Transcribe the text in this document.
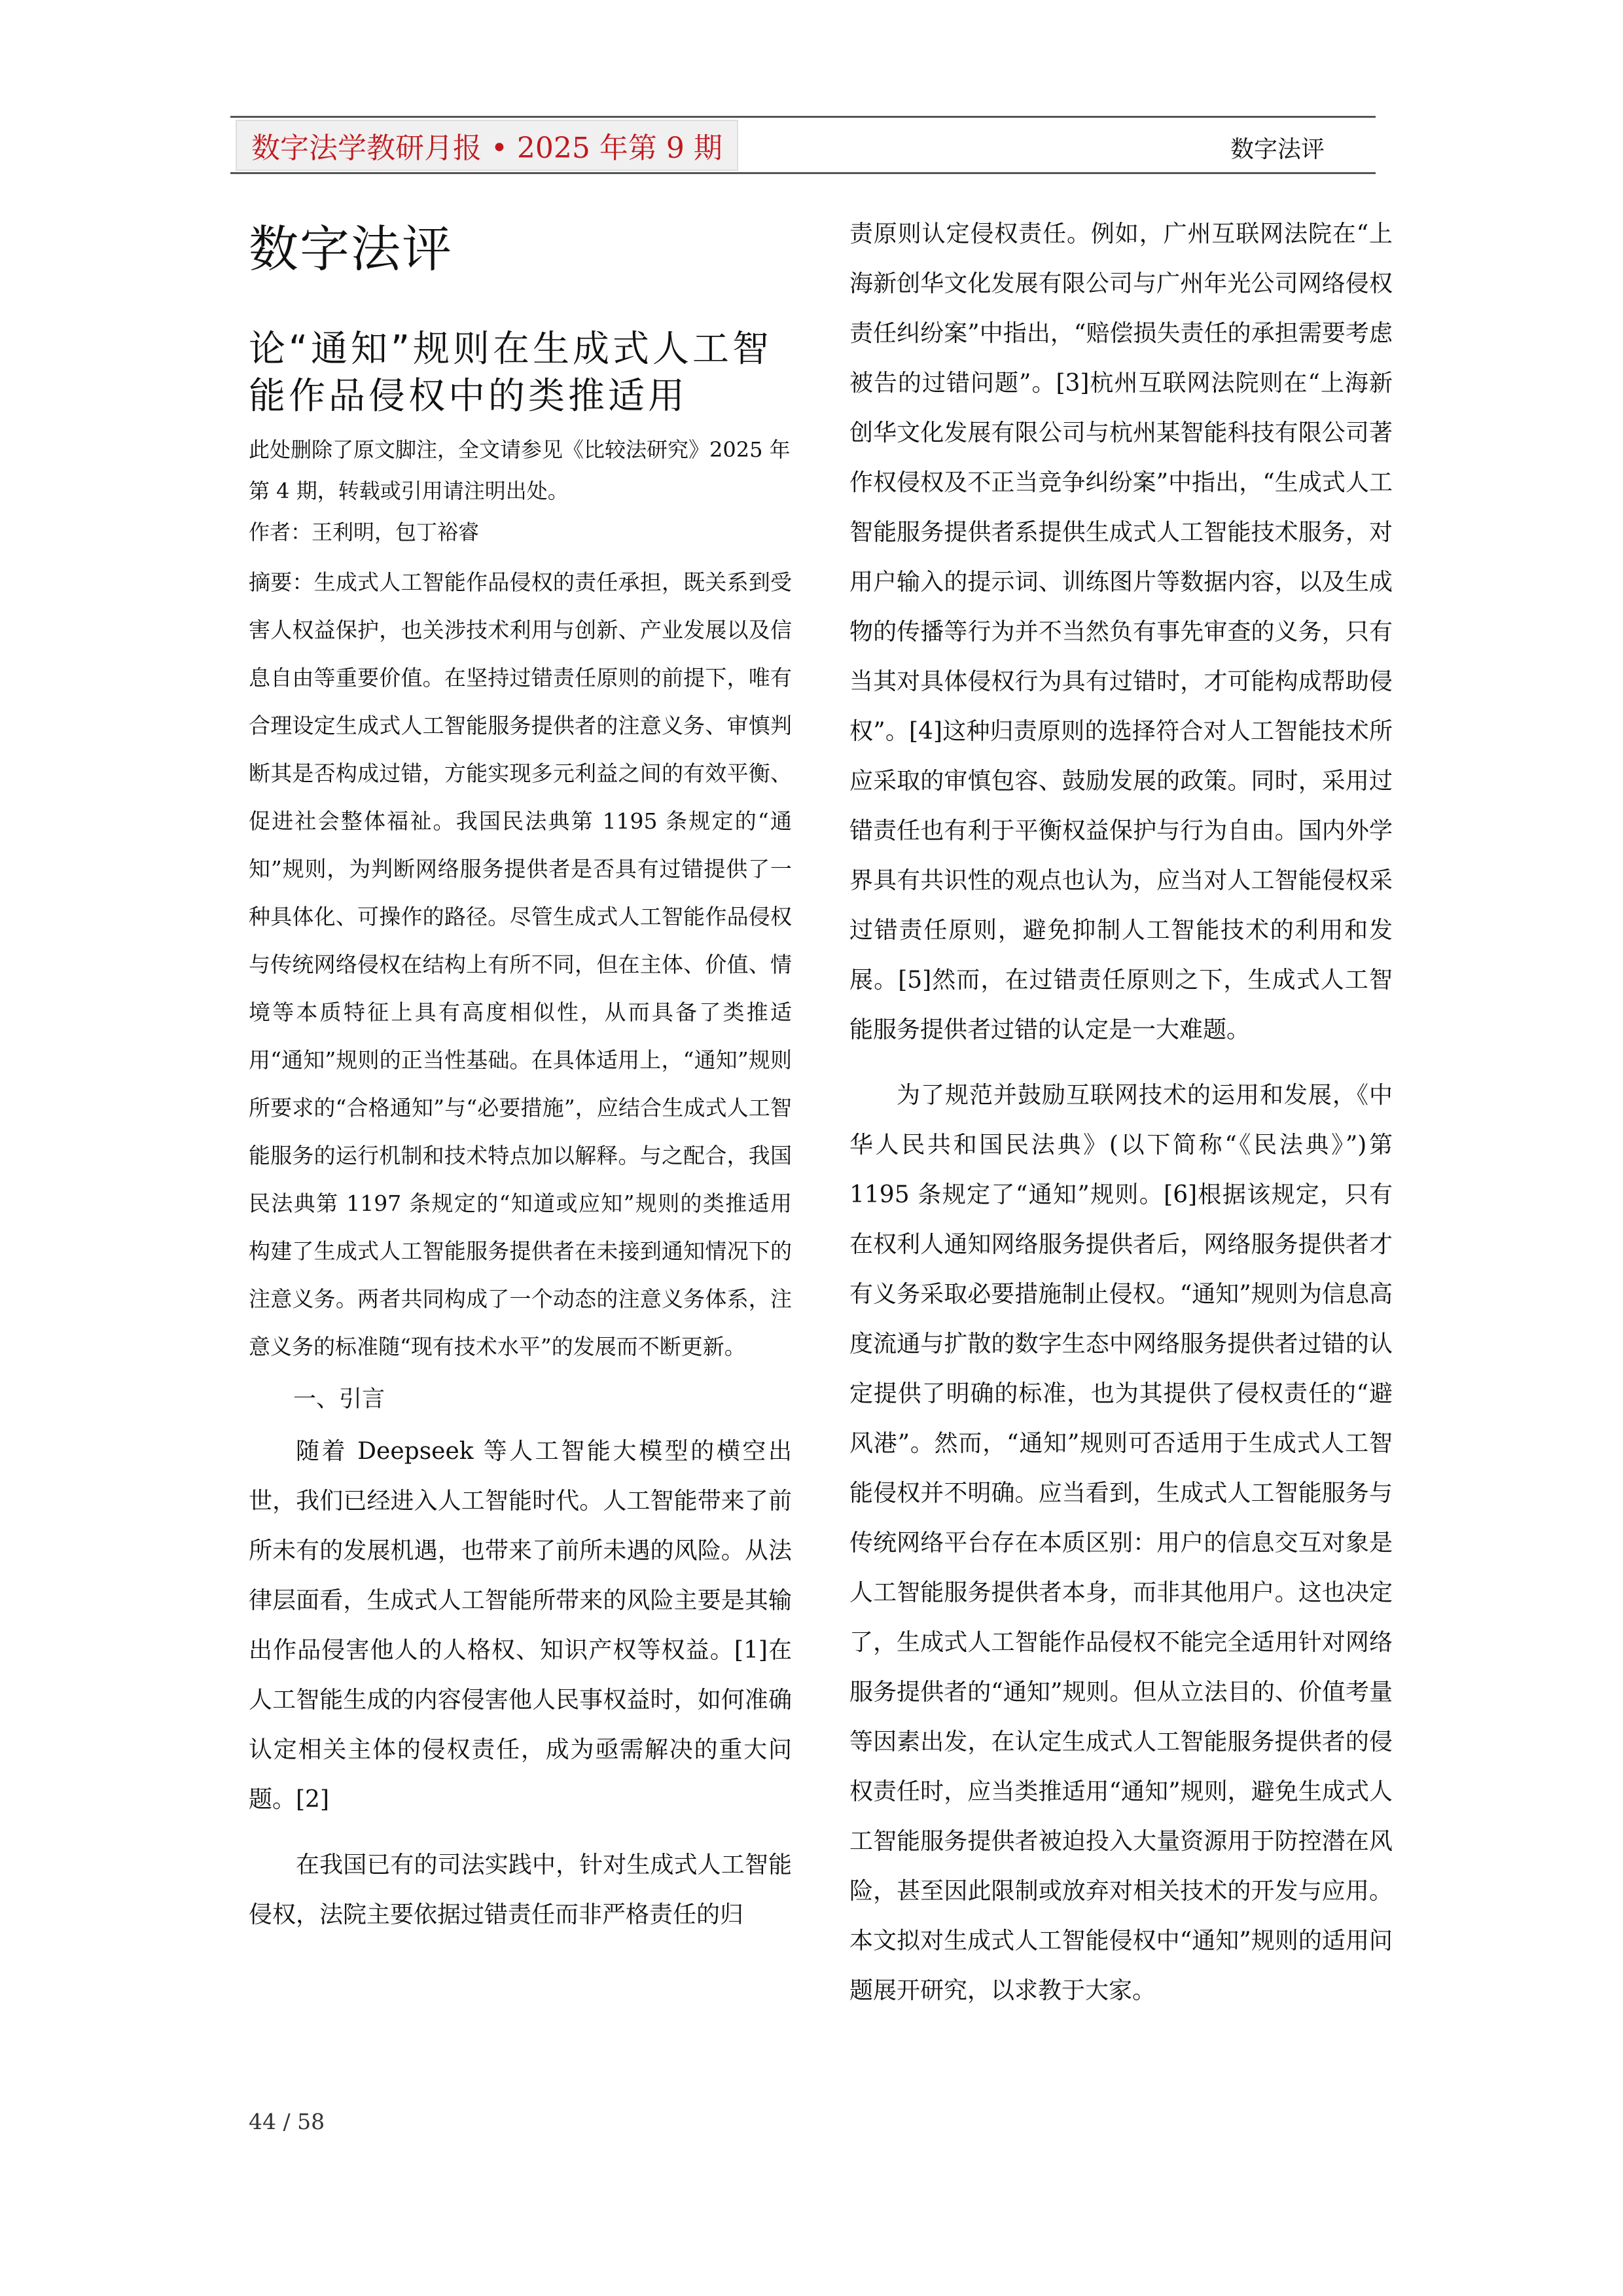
数字法学教研月报 • 2025 年第 9 期	数字法评
数字法评
论“通知”规则在生成式人工智能作品侵权中的类推适用

此处删除了原文脚注，全文请参见《比较法研究》2025 年第 4 期，转载或引用请注明出处。

作者：王利明，包丁裕睿

摘要：生成式人工智能作品侵权的责任承担，既关系到受害人权益保护，也关涉技术利用与创新、产业发展以及信息自由等重要价值。在坚持过错责任原则的前提下，唯有合理设定生成式人工智能服务提供者的注意义务、审慎判断其是否构成过错，方能实现多元利益之间的有效平衡、促进社会整体福祉。我国民法典第 1195 条规定的“通知”规则，为判断网络服务提供者是否具有过错提供了一种具体化、可操作的路径。尽管生成式人工智能作品侵权与传统网络侵权在结构上有所不同，但在主体、价值、情境等本质特征上具有高度相似性，从而具备了类推适用“通知”规则的正当性基础。在具体适用上，“通知”规则所要求的“合格通知”与“必要措施”，应结合生成式人工智能服务的运行机制和技术特点加以解释。与之配合，我国民法典第 1197 条规定的“知道或应知”规则的类推适用构建了生成式人工智能服务提供者在未接到通知情况下的注意义务。两者共同构成了一个动态的注意义务体系，注意义务的标准随“现有技术水平”的发展而不断更新。

一、引言

随着 Deepseek 等人工智能大模型的横空出世，我们已经进入人工智能时代。人工智能带来了前所未有的发展机遇，也带来了前所未遇的风险。从法律层面看，生成式人工智能所带来的风险主要是其输出作品侵害他人的人格权、知识产权等权益。[1]在人工智能生成的内容侵害他人民事权益时，如何准确认定相关主体的侵权责任，成为亟需解决的重大问题。[2]

在我国已有的司法实践中，针对生成式人工智能侵权，法院主要依据过错责任而非严格责任的归

责原则认定侵权责任。例如，广州互联网法院在“上海新创华文化发展有限公司与广州年光公司网络侵权责任纠纷案”中指出，“赔偿损失责任的承担需要考虑被告的过错问题”。[3]杭州互联网法院则在“上海新创华文化发展有限公司与杭州某智能科技有限公司著作权侵权及不正当竞争纠纷案”中指出，“生成式人工智能服务提供者系提供生成式人工智能技术服务，对用户输入的提示词、训练图片等数据内容，以及生成物的传播等行为并不当然负有事先审查的义务，只有当其对具体侵权行为具有过错时，才可能构成帮助侵权”。[4]这种归责原则的选择符合对人工智能技术所应采取的审慎包容、鼓励发展的政策。同时，采用过错责任也有利于平衡权益保护与行为自由。国内外学界具有共识性的观点也认为，应当对人工智能侵权采过错责任原则，避免抑制人工智能技术的利用和发展。[5]然而，在过错责任原则之下，生成式人工智能服务提供者过错的认定是一大难题。

为了规范并鼓励互联网技术的运用和发展，《中华人民共和国民法典》(以下简称“《民法典》”)第 1195 条规定了“通知”规则。[6]根据该规定，只有在权利人通知网络服务提供者后，网络服务提供者才有义务采取必要措施制止侵权。“通知”规则为信息高度流通与扩散的数字生态中网络服务提供者过错的认定提供了明确的标准，也为其提供了侵权责任的“避风港”。然而，“通知”规则可否适用于生成式人工智能侵权并不明确。应当看到，生成式人工智能服务与传统网络平台存在本质区别：用户的信息交互对象是人工智能服务提供者本身，而非其他用户。这也决定了，生成式人工智能作品侵权不能完全适用针对网络服务提供者的“通知”规则。但从立法目的、价值考量等因素出发，在认定生成式人工智能服务提供者的侵权责任时，应当类推适用“通知”规则，避免生成式人工智能服务提供者被迫投入大量资源用于防控潜在风险，甚至因此限制或放弃对相关技术的开发与应用。本文拟对生成式人工智能侵权中“通知”规则的适用问题展开研究，以求教于大家。

44 / 58
